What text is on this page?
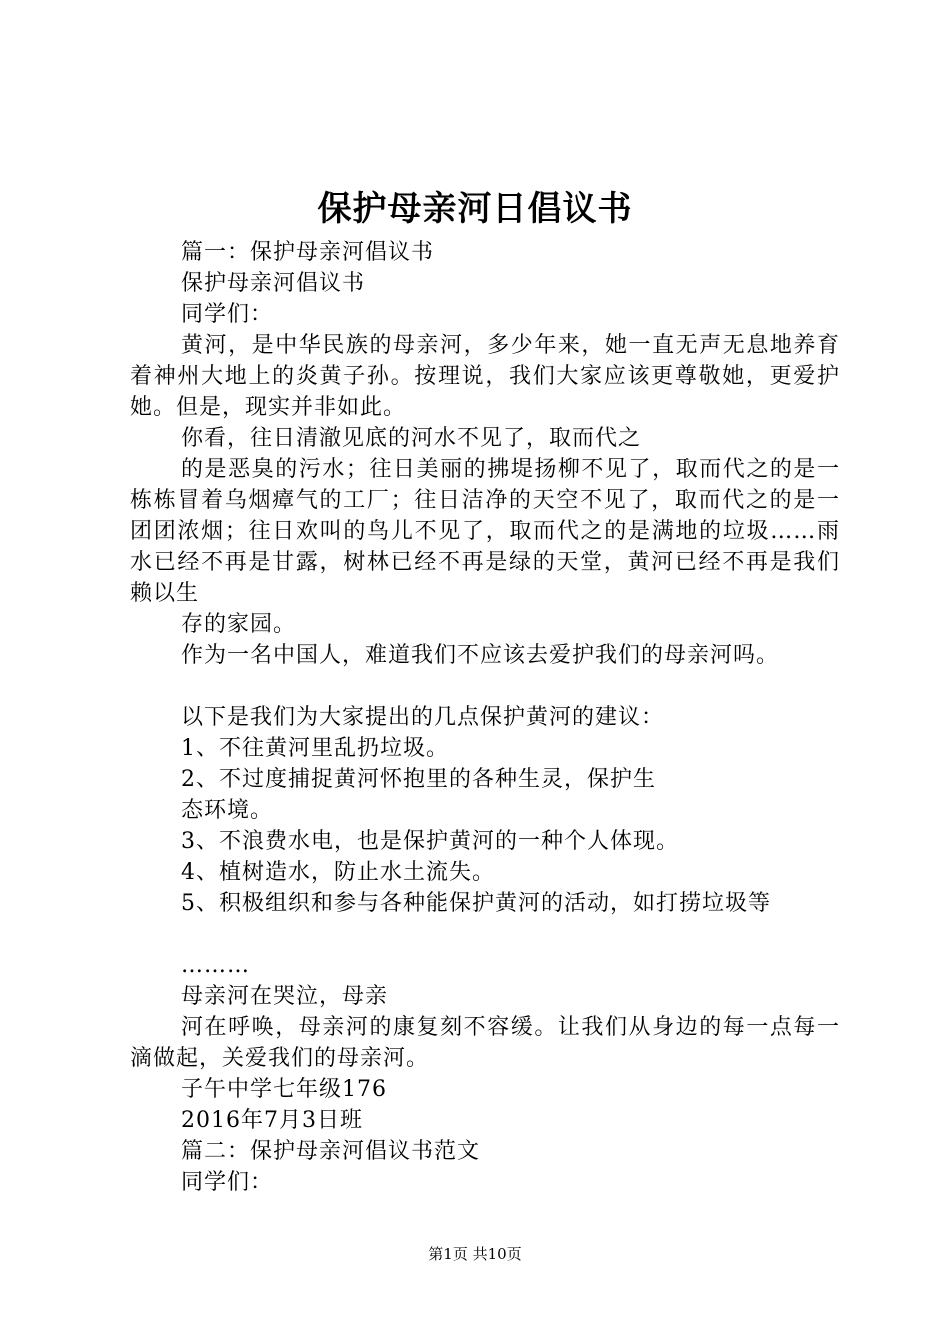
保护母亲河日倡议书

篇一：保护母亲河倡议书

保护母亲河倡议书

同学们：

黄河，是中华民族的母亲河，多少年来，她一直无声无息地养育着神州大地上的炎黄子孙。按理说，我们大家应该更尊敬她，更爱护她。但是，现实并非如此。

你看，往日清澈见底的河水不见了，取而代之

的是恶臭的污水；往日美丽的拂堤扬柳不见了，取而代之的是一栋栋冒着乌烟瘴气的工厂；往日洁净的天空不见了，取而代之的是一团团浓烟；往日欢叫的鸟儿不见了，取而代之的是满地的垃圾……雨水已经不再是甘露，树林已经不再是绿的天堂，黄河已经不再是我们赖以生

存的家园。

作为一名中国人，难道我们不应该去爱护我们的母亲河吗。

以下是我们为大家提出的几点保护黄河的建议：

1、不往黄河里乱扔垃圾。

2、不过度捕捉黄河怀抱里的各种生灵，保护生

态环境。

3、不浪费水电，也是保护黄河的一种个人体现。

4、植树造水，防止水土流失。

5、积极组织和参与各种能保护黄河的活动，如打捞垃圾等

………

母亲河在哭泣，母亲

河在呼唤，母亲河的康复刻不容缓。让我们从身边的每一点每一滴做起，关爱我们的母亲河。

子午中学七年级176

2016年7月3日班

篇二：保护母亲河倡议书范文

同学们：

第1页 共10页
